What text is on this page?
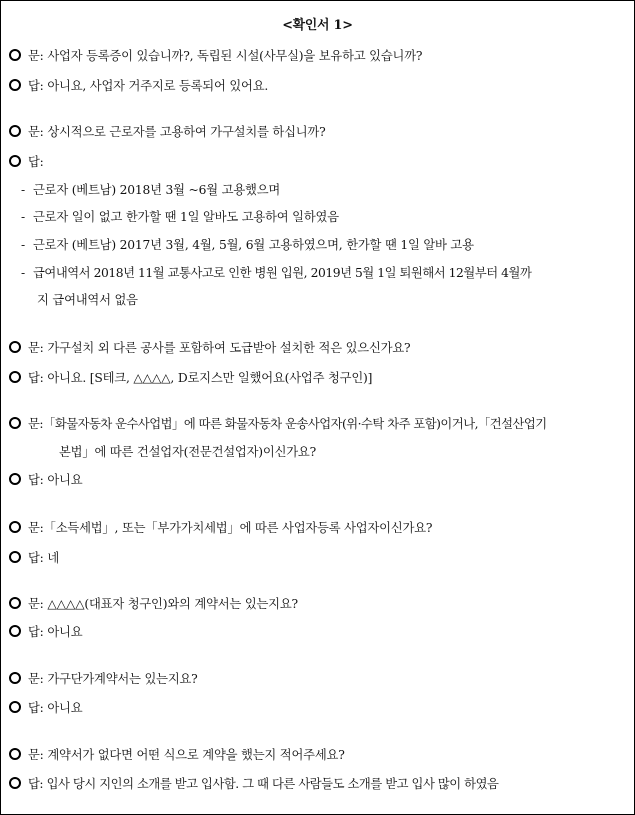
<확인서 1>
문: 사업자 등록증이 있습니까?, 독립된 시설(사무실)을 보유하고 있습니까?
답: 아니요, 사업자 거주지로 등록되어 있어요.
문: 상시적으로 근로자를 고용하여 가구설치를 하십니까?
답:
- 근로자 (베트남) 2018년 3월 ~6월 고용했으며
- 근로자 일이 없고 한가할 땐 1일 알바도 고용하여 일하였음
- 근로자 (베트남) 2017년 3월, 4월, 5월, 6월 고용하였으며, 한가할 땐 1일 알바 고용
- 급여내역서 2018년 11월 교통사고로 인한 병원 입원, 2019년 5월 1일 퇴원해서 12월부터 4월까
지 급여내역서 없음
문: 가구설치 외 다른 공사를 포함하여 도급받아 설치한 적은 있으신가요?
답: 아니요. [S테크, △△△△, D로지스만 일했어요(사업주 청구인)]
문:「화물자동차 운수사업법」에 따른 화물자동차 운송사업자(위·수탁 차주 포함)이거나,「건설산업기
본법」에 따른 건설업자(전문건설업자)이신가요?
답: 아니요
문:「소득세법」, 또는「부가가치세법」에 따른 사업자등록 사업자이신가요?
답: 네
문: △△△△(대표자 청구인)와의 계약서는 있는지요?
답: 아니요
문: 가구단가계약서는 있는지요?
답: 아니요
문: 계약서가 없다면 어떤 식으로 계약을 했는지 적어주세요?
답: 입사 당시 지인의 소개를 받고 입사함. 그 때 다른 사람들도 소개를 받고 입사 많이 하였음
